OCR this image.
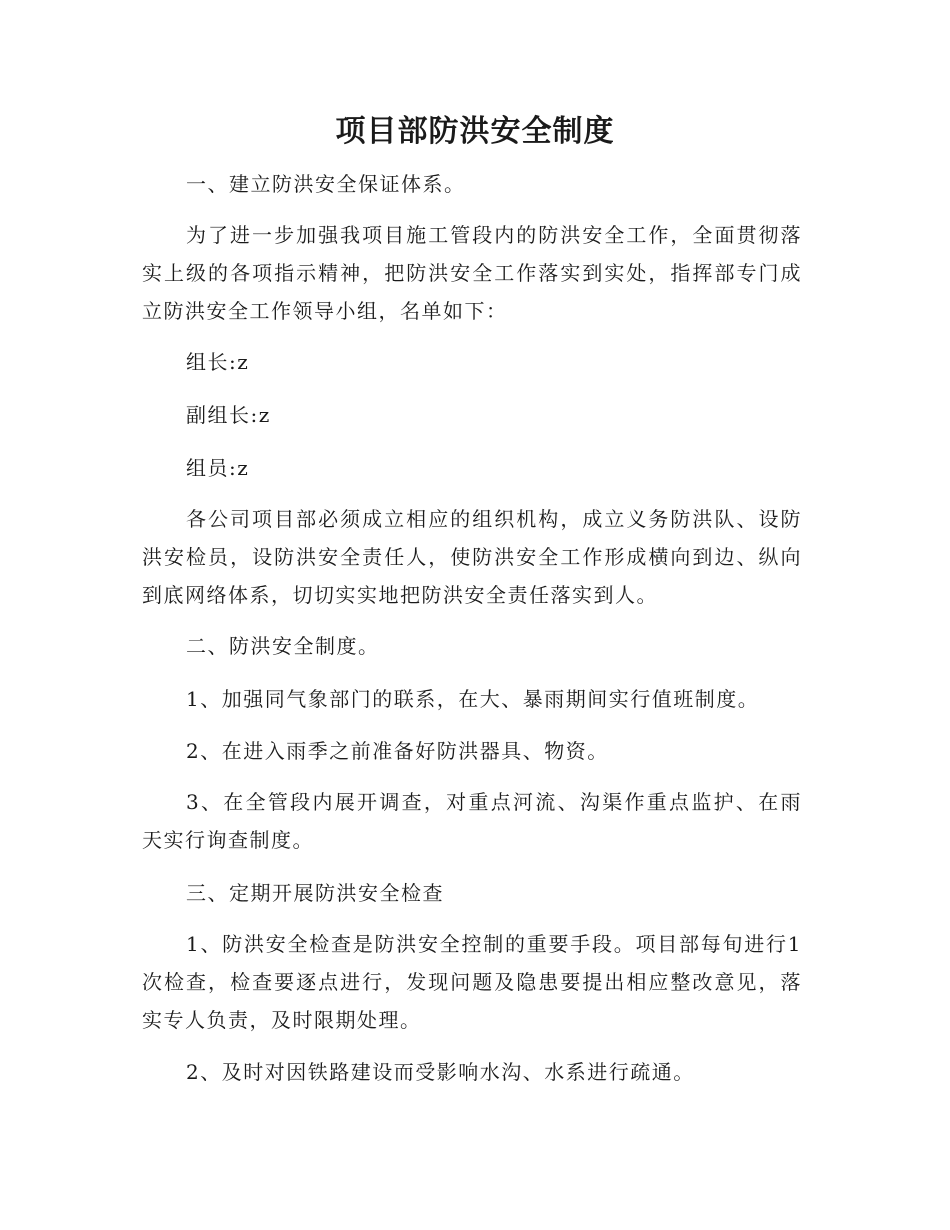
项目部防洪安全制度

一、建立防洪安全保证体系。

为了进一步加强我项目施工管段内的防洪安全工作，全面贯彻落实上级的各项指示精神，把防洪安全工作落实到实处，指挥部专门成立防洪安全工作领导小组，名单如下：

组长:z

副组长:z

组员:z

各公司项目部必须成立相应的组织机构，成立义务防洪队、设防洪安检员，设防洪安全责任人，使防洪安全工作形成横向到边、纵向到底网络体系，切切实实地把防洪安全责任落实到人。

二、防洪安全制度。

1、加强同气象部门的联系，在大、暴雨期间实行值班制度。

2、在进入雨季之前准备好防洪器具、物资。

3、在全管段内展开调查，对重点河流、沟渠作重点监护、在雨天实行询查制度。

三、定期开展防洪安全检查

1、防洪安全检查是防洪安全控制的重要手段。项目部每旬进行1次检查，检查要逐点进行，发现问题及隐患要提出相应整改意见，落实专人负责，及时限期处理。

2、及时对因铁路建设而受影响水沟、水系进行疏通。
